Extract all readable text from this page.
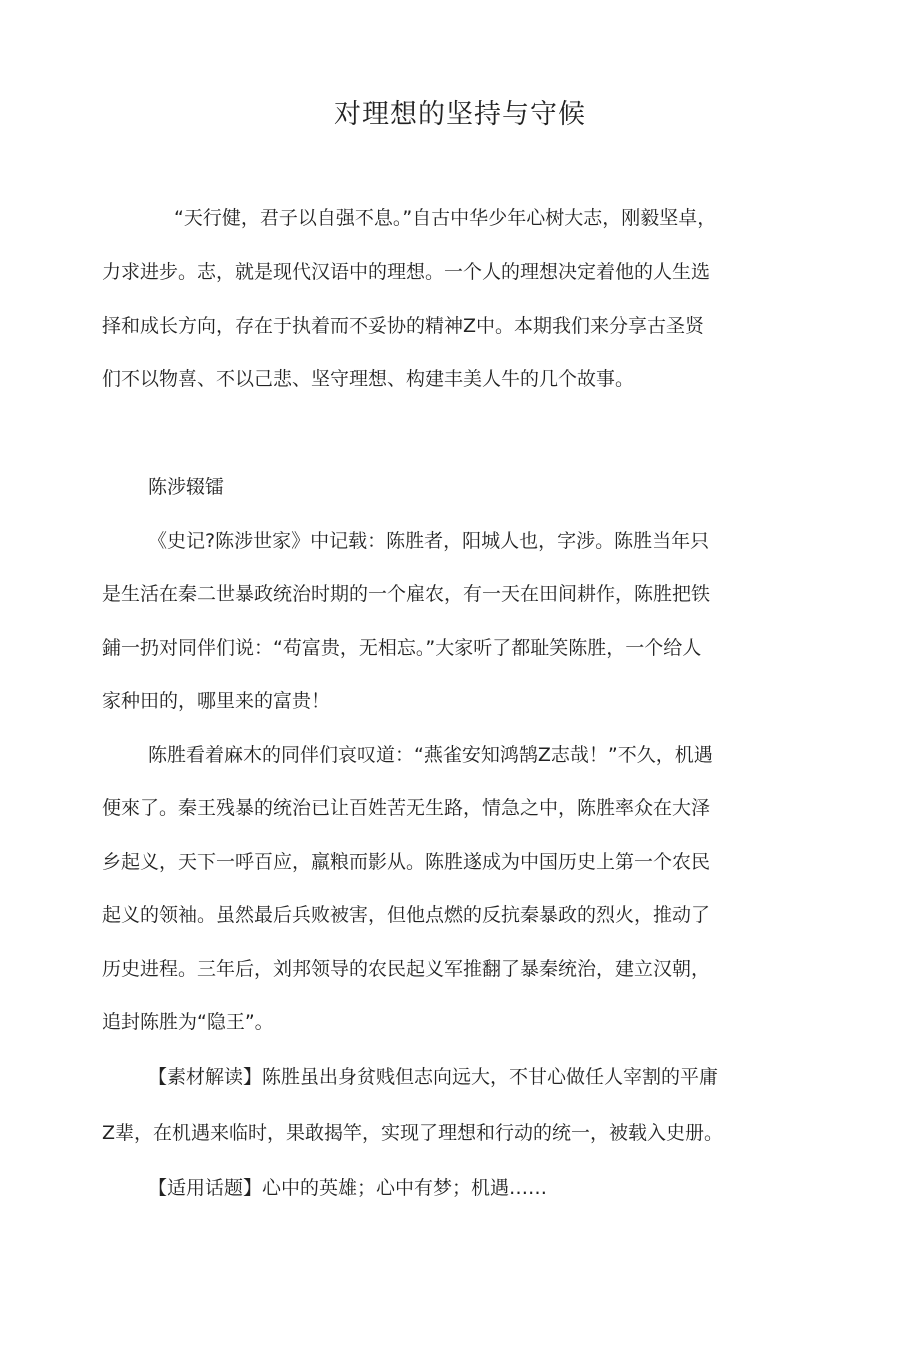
对理想的坚持与守候
“天行健，君子以自强不息。”自古中华少年心树大志，刚毅坚卓，
力求进步。志，就是现代汉语中的理想。一个人的理想决定着他的人生选
择和成长方向，存在于执着而不妥协的精神Z中。本期我们来分享古圣贤
们不以物喜、不以己悲、坚守理想、构建丰美人牛的几个故事。
陈涉辍镭
《史记?陈涉世家》中记载：陈胜者，阳城人也，字涉。陈胜当年只
是生活在秦二世暴政统治时期的一个雇农，有一天在田间耕作，陈胜把铁
鋪一扔对同伴们说：“苟富贵，无相忘。”大家听了都耻笑陈胜，一个给人
家种田的，哪里来的富贵！
陈胜看着麻木的同伴们哀叹道：“燕雀安知鸿鹄Z志哉！”不久，机遇
便來了。秦王残暴的统治已让百姓苦无生路，情急之中，陈胜率众在大泽
乡起义，天下一呼百应，羸粮而影从。陈胜遂成为中国历史上第一个农民
起义的领袖。虽然最后兵败被害，但他点燃的反抗秦暴政的烈火，推动了
历史进程。三年后，刘邦领导的农民起义军推翻了暴秦统治，建立汉朝，
追封陈胜为“隐王”。
【素材解读】陈胜虽出身贫贱但志向远大，不甘心做任人宰割的平庸
Z辈，在机遇来临时，果敢揭竿，实现了理想和行动的统一，被载入史册。
【适用话题】心中的英雄；心中有梦；机遇……
